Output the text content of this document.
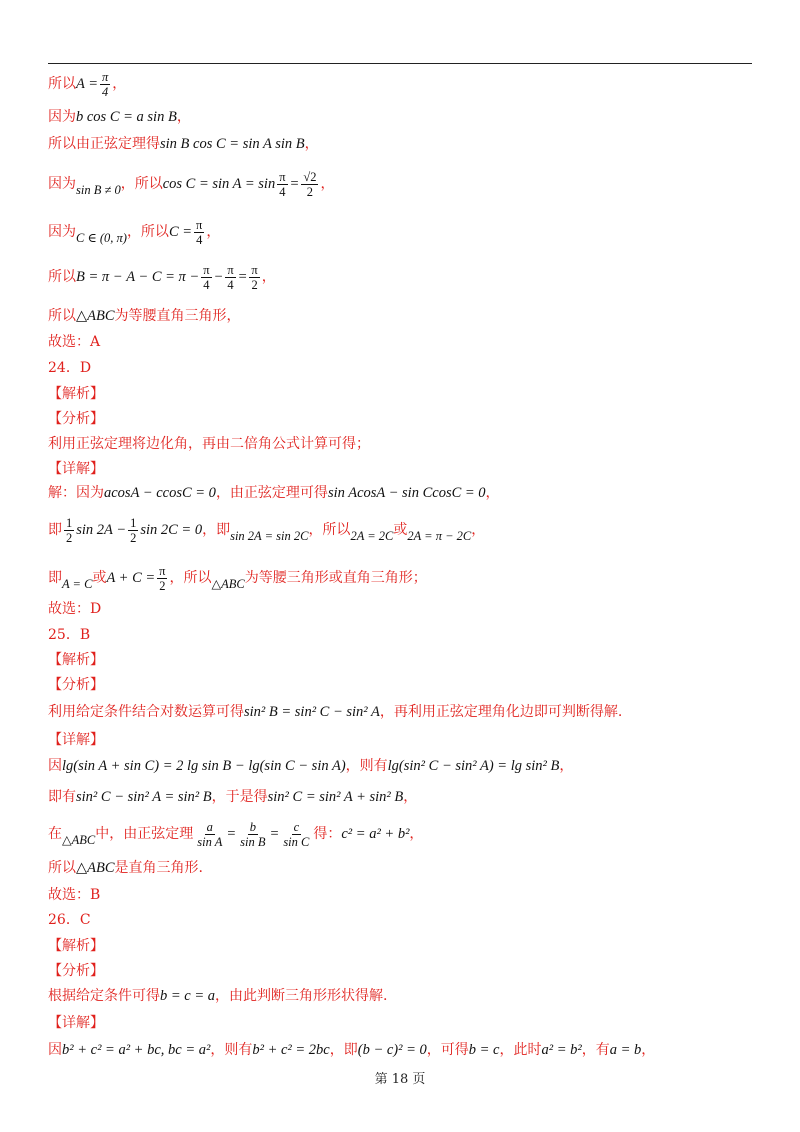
所以 $A = \frac{\pi}{4}$ ，
因为 b cos C = a sin B ，
所以由正弦定理得 sin B cos C = sin A sin B ，
因为 sin B ≠ 0 ，所以 $\cos C = \sin A = \sin \frac{\pi}{4} = \frac{√2}{2}$ ，
因为 C ∈ (0, π) ，所以 $C = \frac{\pi}{4}$ ，
所以 $B = \pi - A - C = \pi - \frac{\pi}{4} - \frac{\pi}{4} = \frac{\pi}{2}$ ，
所以 △ABC 为等腰直角三角形，
故选：A
24．D
【解析】
【分析】
利用正弦定理将边化角，再由二倍角公式计算可得；
【详解】
解：因为 acosA − ccosC = 0 ，由正弦定理可得 sin AcosA − sin CcosC = 0 ，
即 $\frac{1}{2}$ $\sin 2A - \frac{1}{2}$ sin 2C = 0 ，即 sin 2A = sin 2C ，所以 2A = 2C 或 2A = π − 2C ，
即 A = C 或 $A + C = \frac{\pi}{2}$ ，所以 △ABC 为等腰三角形或直角三角形；
故选：D
25．B
【解析】
【分析】
利用给定条件结合对数运算可得 sin² B = sin² C − sin² A ，再利用正弦定理角化边即可判断得解.
【详解】
因 lg(sin A + sin C) = 2 lg sin B − lg(sin C − sin A) ，则有 lg(sin² C − sin² A) = lg sin² B ，
即有 sin² C − sin² A = sin² B ，于是得 sin² C = sin² A + sin² B ，
在 △ABC 中，由正弦定理 $\frac{a}{\text{sin A}} = \frac{b}{\text{sin B}} = \frac{c}{\text{sin C}}$ 得： c² = a² + b² ，
所以 △ABC 是直角三角形.
故选：B
26．C
【解析】
【分析】
根据给定条件可得 b = c = a ，由此判断三角形形状得解.
【详解】
因 b² + c² = a² + bc, bc = a² ，则有 b² + c² = 2bc ，即 (b − c)² = 0 ，可得 b = c ，此时 a² = b² ，有 a = b ，
第 18 页
